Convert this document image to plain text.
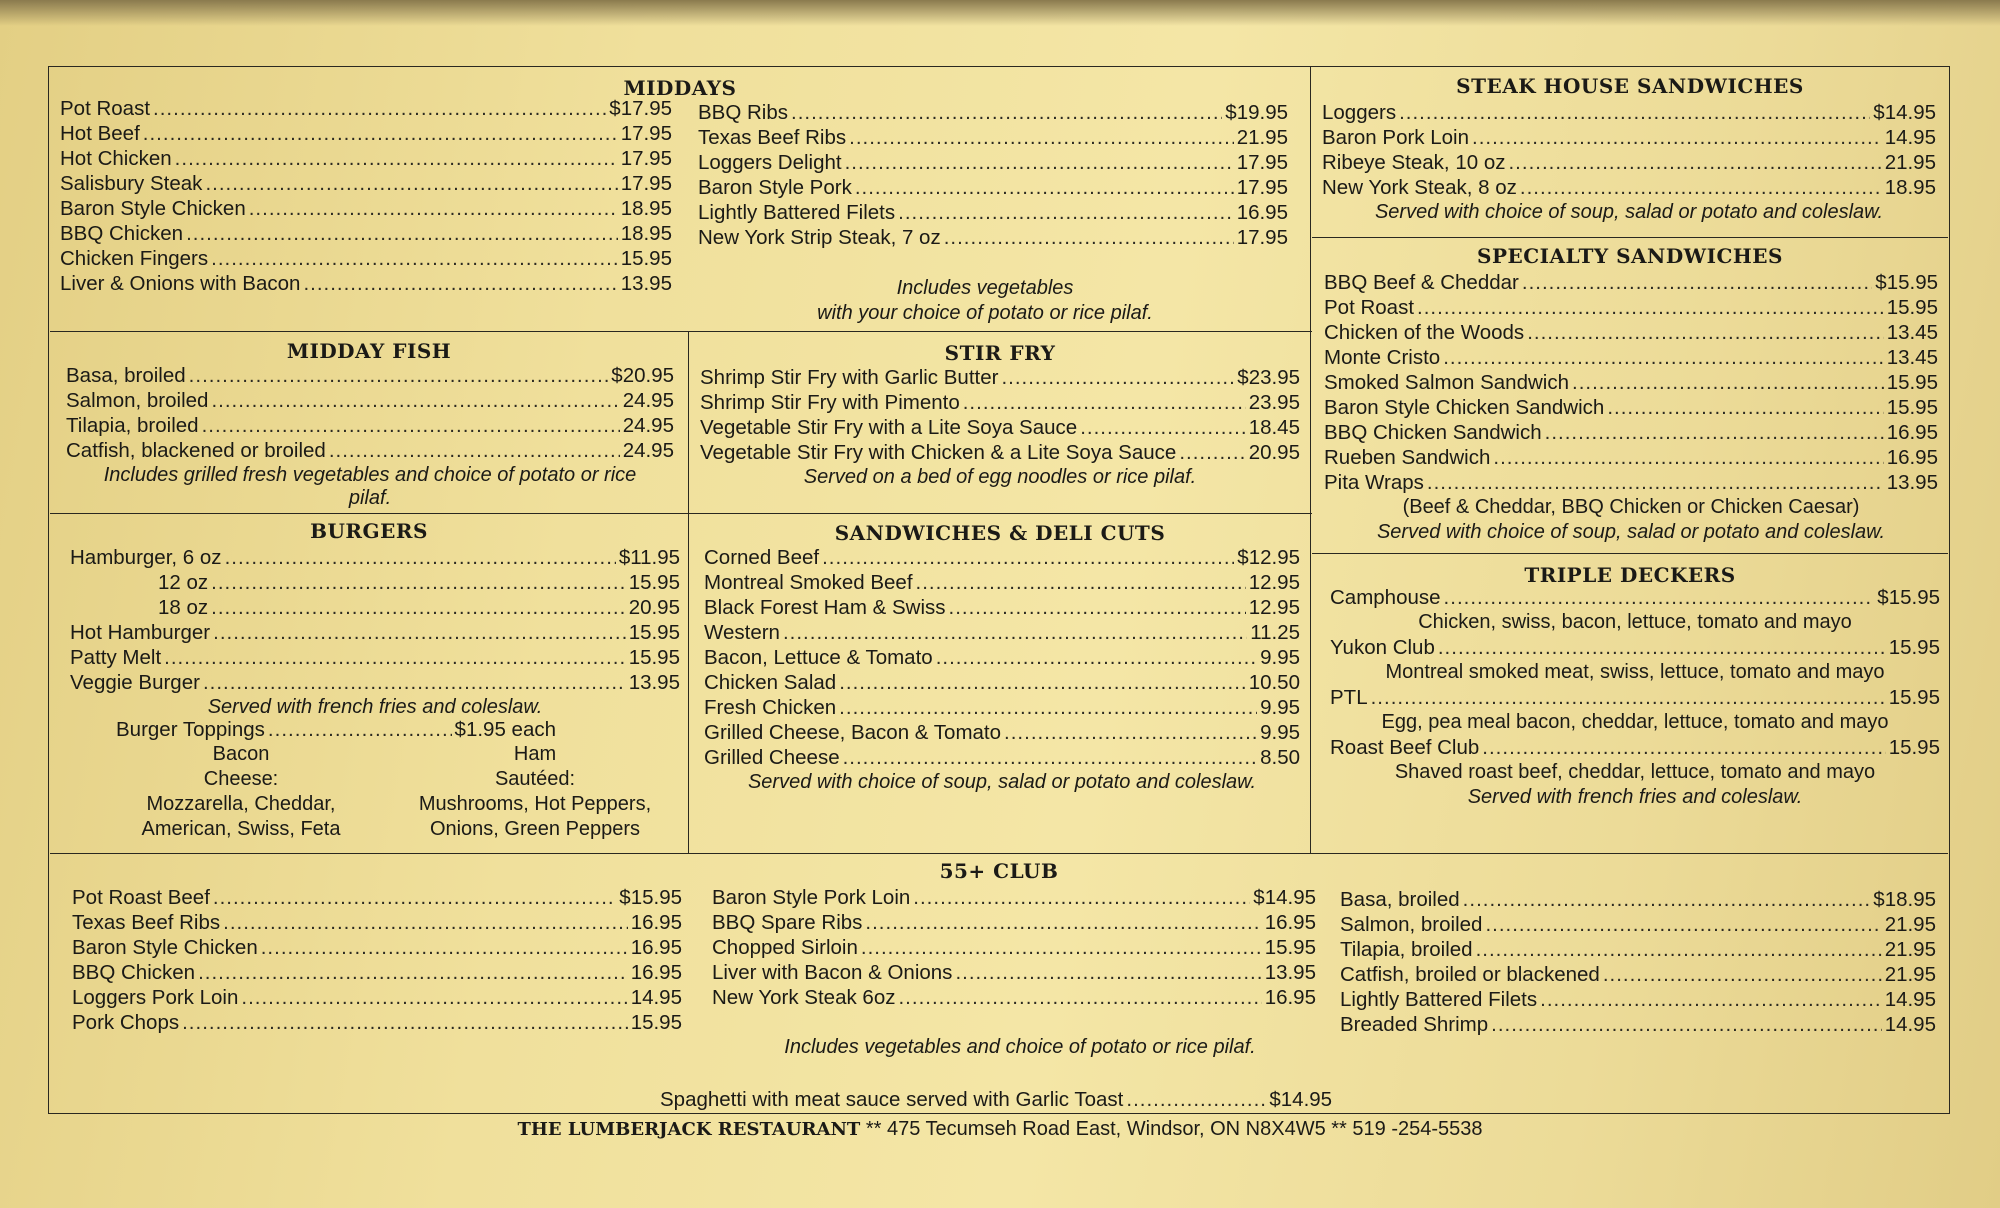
MIDDAYS
Pot Roast .....	$17.95
Hot Beef .....	17.95
Hot Chicken .....	17.95
Salisbury Steak .....	17.95
Baron Style Chicken .....	18.95
BBQ Chicken .....	18.95
Chicken Fingers .....	15.95
Liver & Onions with Bacon .....	13.95
BBQ Ribs .....	$19.95
Texas Beef Ribs .....	21.95
Loggers Delight .....	17.95
Baron Style Pork .....	17.95
Lightly Battered Filets .....	16.95
New York Strip Steak, 7 oz .....	17.95
Includes vegetables
with your choice of potato or rice pilaf.
STEAK HOUSE SANDWICHES
Loggers .....	$14.95
Baron Pork Loin .....	14.95
Ribeye Steak, 10 oz .....	21.95
New York Steak, 8 oz .....	18.95
Served with choice of soup, salad or potato and coleslaw.
SPECIALTY SANDWICHES
BBQ Beef & Cheddar .....	$15.95
Pot Roast .....	15.95
Chicken of the Woods .....	13.45
Monte Cristo .....	13.45
Smoked Salmon Sandwich .....	15.95
Baron Style Chicken Sandwich .....	15.95
BBQ Chicken Sandwich .....	16.95
Rueben Sandwich .....	16.95
Pita Wraps .....	13.95
(Beef & Cheddar, BBQ Chicken or Chicken Caesar)
Served with choice of soup, salad or potato and coleslaw.
MIDDAY FISH
Basa, broiled .....	$20.95
Salmon, broiled .....	24.95
Tilapia, broiled .....	24.95
Catfish, blackened or broiled .....	24.95
Includes grilled fresh vegetables and choice of potato or rice
pilaf.
STIR FRY
Shrimp Stir Fry with Garlic Butter .....	$23.95
Shrimp Stir Fry with Pimento .....	23.95
Vegetable Stir Fry with a Lite Soya Sauce .....	18.45
Vegetable Stir Fry with Chicken & a Lite Soya Sauce .....	20.95
Served on a bed of egg noodles or rice pilaf.
BURGERS
Hamburger, 6 oz .....	$11.95
12 oz .....	15.95
18 oz .....	20.95
Hot Hamburger .....	15.95
Patty Melt .....	15.95
Veggie Burger .....	13.95
Served with french fries and coleslaw.
Burger Toppings .....	$1.95 each
Bacon
Cheese:
Mozzarella, Cheddar,
American, Swiss, Feta
Ham
Sautéed:
Mushrooms, Hot Peppers,
Onions, Green Peppers
SANDWICHES & DELI CUTS
Corned Beef .....	$12.95
Montreal Smoked Beef .....	12.95
Black Forest Ham & Swiss .....	12.95
Western .....	11.25
Bacon, Lettuce & Tomato .....	9.95
Chicken Salad .....	10.50
Fresh Chicken .....	9.95
Grilled Cheese, Bacon & Tomato .....	9.95
Grilled Cheese .....	8.50
Served with choice of soup, salad or potato and coleslaw.
TRIPLE DECKERS
Camphouse .....	$15.95
Chicken, swiss, bacon, lettuce, tomato and mayo
Yukon Club .....	15.95
Montreal smoked meat, swiss, lettuce, tomato and mayo
PTL .....	15.95
Egg, pea meal bacon, cheddar, lettuce, tomato and mayo
Roast Beef Club .....	15.95
Shaved roast beef, cheddar, lettuce, tomato and mayo
Served with french fries and coleslaw.
55+ CLUB
Pot Roast Beef .....	$15.95
Texas Beef Ribs .....	16.95
Baron Style Chicken .....	16.95
BBQ Chicken .....	16.95
Loggers Pork Loin .....	14.95
Pork Chops .....	15.95
Baron Style Pork Loin .....	$14.95
BBQ Spare Ribs .....	16.95
Chopped Sirloin .....	15.95
Liver with Bacon & Onions .....	13.95
New York Steak 6oz .....	16.95
Basa, broiled .....	$18.95
Salmon, broiled .....	21.95
Tilapia, broiled .....	21.95
Catfish, broiled or blackened .....	21.95
Lightly Battered Filets .....	14.95
Breaded Shrimp .....	14.95
Includes vegetables and choice of potato or rice pilaf.
Spaghetti with meat sauce served with Garlic Toast .....	$14.95
THE LUMBERJACK RESTAURANT ** 475 Tecumseh Road East, Windsor, ON N8X4W5 ** 519 -254-5538
